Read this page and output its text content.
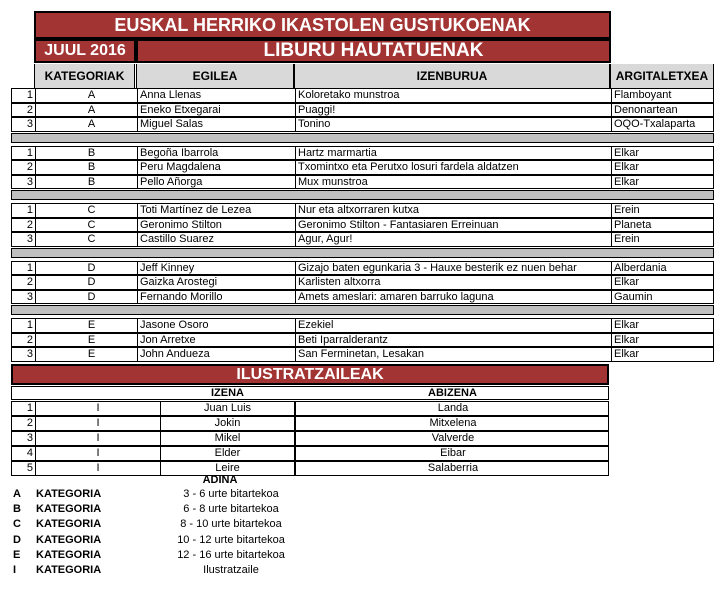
EUSKAL HERRIKO IKASTOLEN GUSTUKOENAK
JUUL 2016	LIBURU HAUTATUENAK
KATEGORIAK	EGILEA	IZENBURUA	ARGITALETXEA
1	A	Anna Llenas	Koloretako munstroa	Flamboyant
2	A	Eneko Etxegarai	Puaggi!	Denonartean
3	A	Miguel Salas	Tonino	OQO-Txalaparta
1	B	Begoña Ibarrola	Hartz marmartia	Elkar
2	B	Peru Magdalena	Txomintxo eta Perutxo losuri fardela aldatzen	Elkar
3	B	Pello Añorga	Mux munstroa	Elkar
1	C	Toti Martínez de Lezea	Nur eta altxorraren kutxa	Erein
2	C	Geronimo Stilton	Geronimo Stilton - Fantasiaren Erreinuan	Planeta
3	C	Castillo Suarez	Agur, Agur!	Erein
1	D	Jeff Kinney	Gizajo baten egunkaria 3 - Hauxe besterik ez nuen behar	Alberdania
2	D	Gaizka Arostegi	Karlisten altxorra	Elkar
3	D	Fernando Morillo	Amets ameslari: amaren barruko laguna	Gaumin
1	E	Jasone Osoro	Ezekiel	Elkar
2	E	Jon Arretxe	Beti Iparralderantz	Elkar
3	E	John Andueza	San Ferminetan, Lesakan	Elkar
ILUSTRATZAILEAK
IZENA	ABIZENA
1	I	Juan Luis	Landa
2	I	Jokin	Mitxelena
3	I	Mikel	Valverde
4	I	Elder	Eibar
5	I	Leire	Salaberria
ADINA
A KATEGORIA	3 - 6 urte bitartekoa
B KATEGORIA	6 - 8 urte bitartekoa
C KATEGORIA	8 - 10 urte bitartekoa
D KATEGORIA	10 - 12 urte bitartekoa
E KATEGORIA	12 - 16 urte bitartekoa
I KATEGORIA	Ilustratzaile
